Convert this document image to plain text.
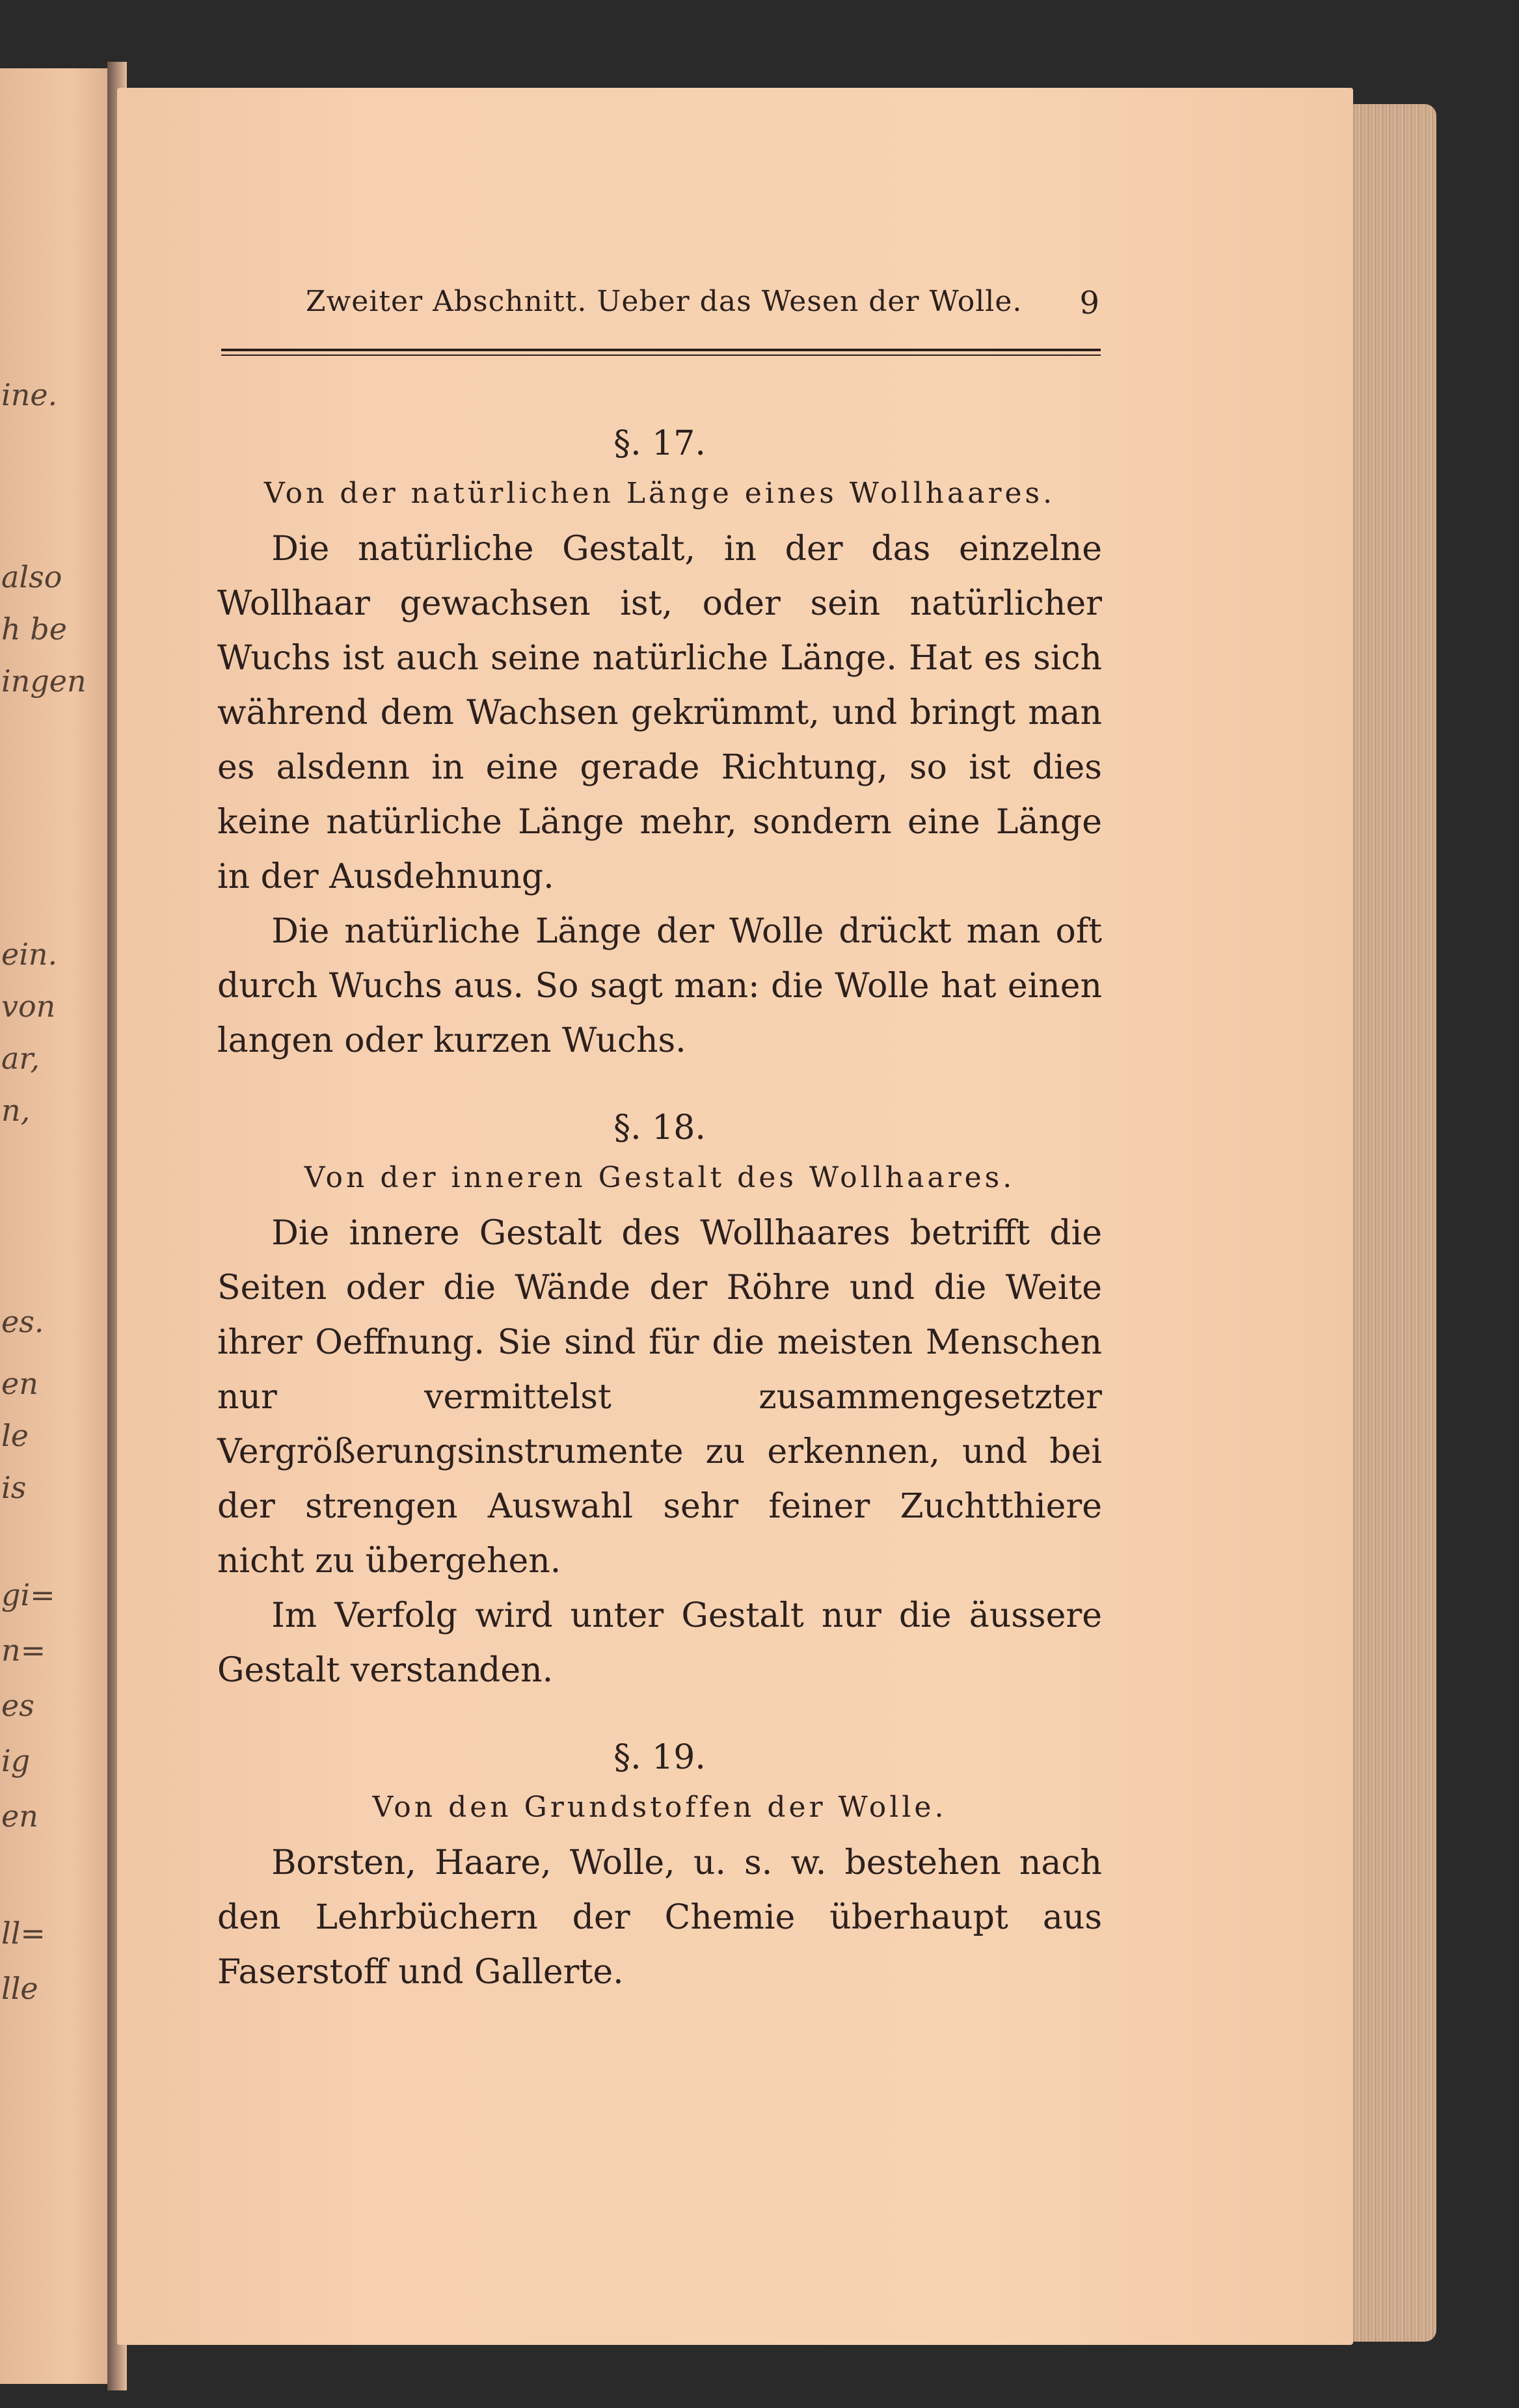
ine.
also
h be
ingen
ein.
von
ar,
n,
es.
en
le
is
gi=
n=
es
ig
en
ll=
lle
Zweiter Abschnitt. Ueber das Wesen der Wolle. 9
§. 17.
Von der natürlichen Länge eines Wollhaares.

Die natürliche Gestalt, in der das einzelne Wollhaar gewachsen ist, oder sein natürlicher Wuchs ist auch seine natürliche Länge. Hat es sich während dem Wachsen gekrümmt, und bringt man es alsdenn in eine gerade Richtung, so ist dies keine natürliche Länge mehr, sondern eine Länge in der Ausdehnung.

Die natürliche Länge der Wolle drückt man oft durch Wuchs aus. So sagt man: die Wolle hat einen langen oder kurzen Wuchs.

§. 18.
Von der inneren Gestalt des Wollhaares.

Die innere Gestalt des Wollhaares betrifft die Seiten oder die Wände der Röhre und die Weite ihrer Oeffnung. Sie sind für die meisten Menschen nur vermittelst zusammengesetzter Vergrößerungsinstrumente zu erkennen, und bei der strengen Auswahl sehr feiner Zuchtthiere nicht zu übergehen.

Im Verfolg wird unter Gestalt nur die äussere Gestalt verstanden.

§. 19.
Von den Grundstoffen der Wolle.

Borsten, Haare, Wolle, u. s. w. bestehen nach den Lehrbüchern der Chemie überhaupt aus Faserstoff und Gallerte.
